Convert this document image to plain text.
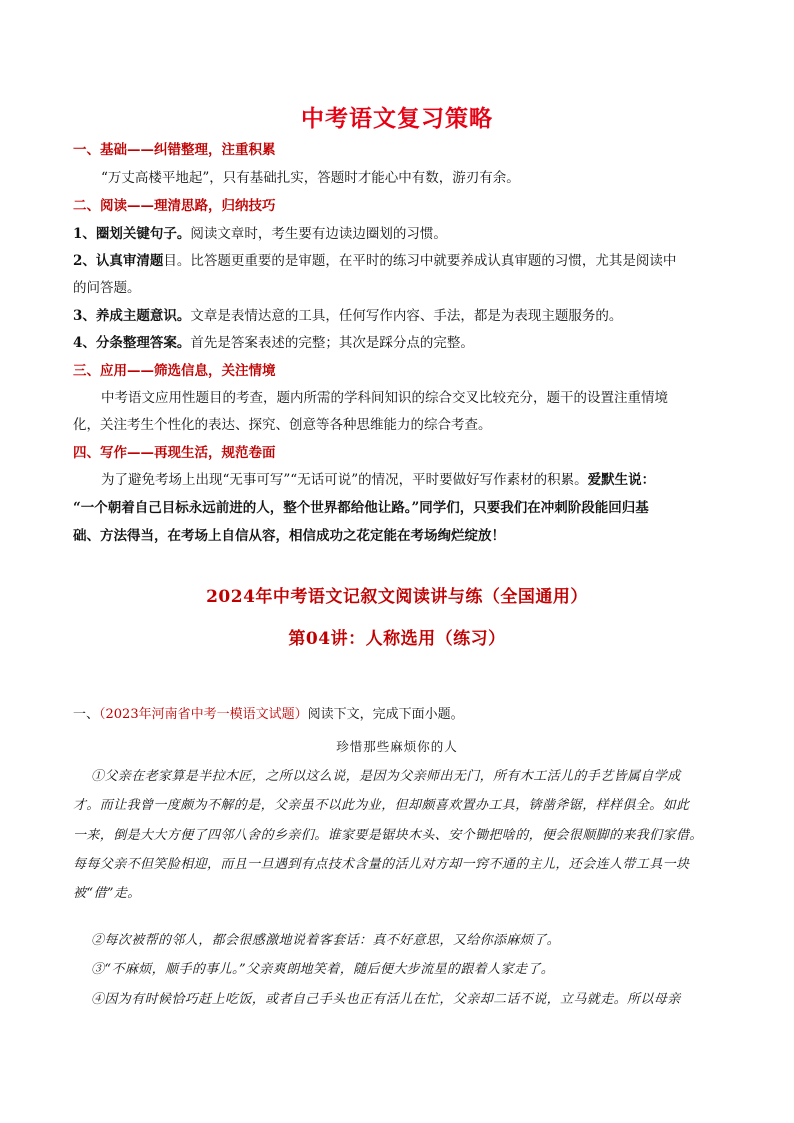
中考语文复习策略
一、基础——纠错整理，注重积累
“万丈高楼平地起”，只有基础扎实，答题时才能心中有数，游刃有余。
二、阅读——理清思路，归纳技巧
1、圈划关键句子。阅读文章时，考生要有边读边圈划的习惯。
2、认真审清题目。比答题更重要的是审题，在平时的练习中就要养成认真审题的习惯，尤其是阅读中
的问答题。
3、养成主题意识。文章是表情达意的工具，任何写作内容、手法，都是为表现主题服务的。
4、分条整理答案。首先是答案表述的完整；其次是踩分点的完整。
三、应用——筛选信息，关注情境
中考语文应用性题目的考查，题内所需的学科间知识的综合交叉比较充分，题干的设置注重情境
化，关注考生个性化的表达、探究、创意等各种思维能力的综合考查。
四、写作——再现生活，规范卷面
为了避免考场上出现“无事可写”“无话可说”的情况，平时要做好写作素材的积累。爱默生说：
“一个朝着自己目标永远前进的人，整个世界都给他让路。”同学们，只要我们在冲刺阶段能回归基
础、方法得当，在考场上自信从容，相信成功之花定能在考场绚烂绽放！
2024年中考语文记叙文阅读讲与练（全国通用）
第04讲：人称选用（练习）
一、（2023年河南省中考一模语文试题）阅读下文，完成下面小题。
珍惜那些麻烦你的人
①父亲在老家算是半拉木匠，之所以这么说，是因为父亲师出无门，所有木工活儿的手艺皆属自学成
才。而让我曾一度颇为不解的是，父亲虽不以此为业，但却颇喜欢置办工具，锛凿斧锯，样样俱全。如此
一来，倒是大大方便了四邻八舍的乡亲们。谁家要是锯块木头、安个锄把啥的，便会很顺脚的来我们家借。
每每父亲不但笑脸相迎，而且一旦遇到有点技术含量的活儿对方却一窍不通的主儿，还会连人带工具一块
被“借”走。
②每次被帮的邻人，都会很感激地说着客套话：真不好意思，又给你添麻烦了。
③“不麻烦，顺手的事儿。”父亲爽朗地笑着，随后便大步流星的跟着人家走了。
④因为有时候恰巧赶上吃饭，或者自己手头也正有活儿在忙，父亲却二话不说，立马就走。所以母亲
